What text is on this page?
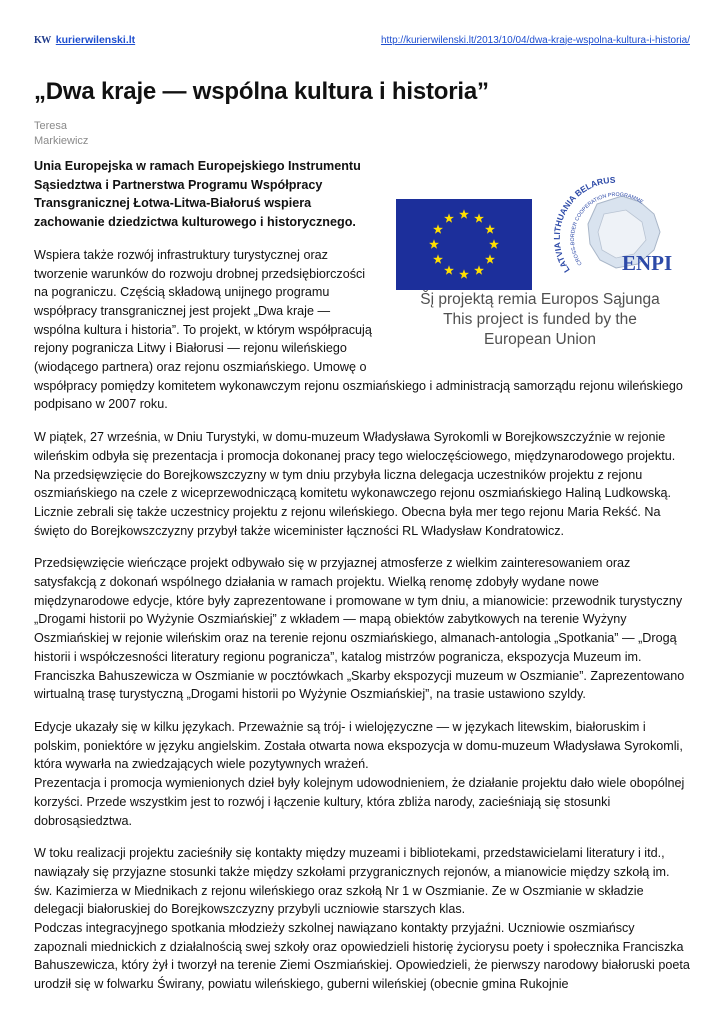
KW kurierwilenski.lt	http://kurierwilenski.lt/2013/10/04/dwa-kraje-wspolna-kultura-i-historia/
„Dwa kraje — wspólna kultura i historia”
Teresa
Markiewicz
LATVIA LITHUANIA BELARUS
CROSS-BORDER COOPERATION PROGRAMME
ENPI
Šį projektą remia Europos Sąjunga
This project is funded by the
European Union

Unia Europejska w ramach Europejskiego Instrumentu Sąsiedztwa i Partnerstwa Programu Współpracy Transgranicznej Łotwa-Litwa-Białoruś wspiera zachowanie dziedzictwa kulturowego i historycznego.

Wspiera także rozwój infrastruktury turystycznej oraz tworzenie warunków do rozwoju drobnej przedsiębiorczości na pograniczu. Częścią składową unijnego programu współpracy transgranicznej jest projekt „Dwa kraje — wspólna kultura i historia”. To projekt, w którym współpracują rejony pogranicza Litwy i Białorusi — rejonu wileńskiego (wiodącego partnera) oraz rejonu oszmiańskiego. Umowę o współpracy pomiędzy komitetem wykonawczym rejonu oszmiańskiego i administracją samorządu rejonu wileńskiego podpisano w 2007 roku.

W piątek, 27 września, w Dniu Turystyki, w domu-muzeum Władysława Syrokomli w Borejkowszczyźnie w rejonie wileńskim odbyła się prezentacja i promocja dokonanej pracy tego wieloczęściowego, międzynarodowego projektu.
Na przedsięwzięcie do Borejkowszczyzny w tym dniu przybyła liczna delegacja uczestników projektu z rejonu oszmiańskiego na czele z wiceprzewodniczącą komitetu wykonawczego rejonu oszmiańskiego Haliną Ludkowską. Licznie zebrali się także uczestnicy projektu z rejonu wileńskiego. Obecna była mer tego rejonu Maria Rekść. Na święto do Borejkowszczyzny przybył także wiceminister łączności RL Władysław Kondratowicz.

Przedsięwzięcie wieńczące projekt odbywało się w przyjaznej atmosferze z wielkim zainteresowaniem oraz satysfakcją z dokonań wspólnego działania w ramach projektu. Wielką renomę zdobyły wydane nowe międzynarodowe edycje, które były zaprezentowane i promowane w tym dniu, a mianowicie: przewodnik turystyczny „Drogami historii po Wyżynie Oszmiańskiej” z wkładem — mapą obiektów zabytkowych na terenie Wyżyny Oszmiańskiej w rejonie wileńskim oraz na terenie rejonu oszmiańskiego, almanach-antologia „Spotkania” — „Drogą historii i współczesności literatury regionu pogranicza”, katalog mistrzów pogranicza, ekspozycja Muzeum im. Franciszka Bahuszewicza w Oszmianie w pocztówkach „Skarby ekspozycji muzeum w Oszmianie”. Zaprezentowano wirtualną trasę turystyczną „Drogami historii po Wyżynie Oszmiańskiej”, na trasie ustawiono szyldy.

Edycje ukazały się w kilku językach. Przeważnie są trój- i wielojęzyczne — w językach litewskim, białoruskim i polskim, poniektóre w języku angielskim. Została otwarta nowa ekspozycja w domu-muzeum Władysława Syrokomli, która wywarła na zwiedzających wiele pozytywnych wrażeń.
Prezentacja i promocja wymienionych dzieł były kolejnym udowodnieniem, że działanie projektu dało wiele obopólnej korzyści. Przede wszystkim jest to rozwój i łączenie kultury, która zbliża narody, zacieśniają się stosunki dobrosąsiedztwa.

W toku realizacji projektu zacieśniły się kontakty między muzeami i bibliotekami, przedstawicielami literatury i itd., nawiązały się przyjazne stosunki także między szkołami przygranicznych rejonów, a mianowicie między szkołą im. św. Kazimierza w Miednikach z rejonu wileńskiego oraz szkołą Nr 1 w Oszmianie. Ze w Oszmianie w składzie delegacji białoruskiej do Borejkowszczyzny przybyli uczniowie starszych klas.
Podczas integracyjnego spotkania młodzieży szkolnej nawiązano kontakty przyjaźni. Uczniowie oszmiańscy zapoznali miednickich z działalnością swej szkoły oraz opowiedzieli historię życiorysu poety i społecznika Franciszka Bahuszewicza, który żył i tworzył na terenie Ziemi Oszmiańskiej. Opowiedzieli, że pierwszy narodowy białoruski poeta urodził się w folwarku Świrany, powiatu wileńskiego, guberni wileńskiej (obecnie gmina Rukojnie
